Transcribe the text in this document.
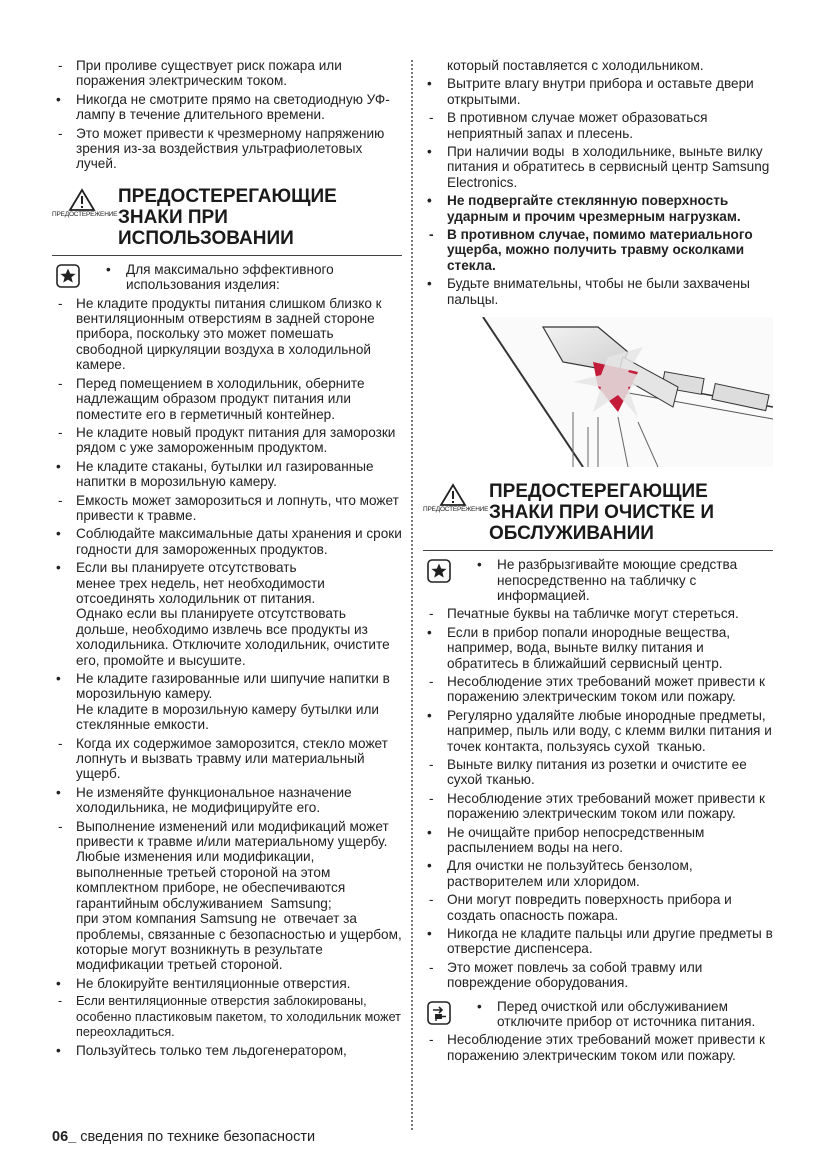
- При проливе существует риск пожара или поражения электрическим током.
•	Никогда не смотрите прямо на светодиодную УФ-лампу в течение длительного времени.
- Это может привести к чрезмерному напряжению зрения из-за воздействия ультрафиолетовых лучей.
ПРЕДОСТЕРЕЖЕНИЕ
ПРЕДОСТЕРЕГАЮЩИЕ ЗНАКИ ПРИ ИСПОЛЬЗОВАНИИ
•	Для максимально эффективного использования изделия:
- Не кладите продукты питания слишком близко к вентиляционным отверстиям в задней стороне прибора, поскольку это может помешать свободной циркуляции воздуха в холодильной камере.
- Перед помещением в холодильник, оберните надлежащим образом продукт питания или поместите его в герметичный контейнер.
- Не кладите новый продукт питания для заморозки рядом с уже замороженным продуктом.
•	Не кладите стаканы, бутылки ил газированные напитки в морозильную камеру.
- Емкость может заморозиться и лопнуть, что может привести к травме.
•	Соблюдайте максимальные даты хранения и сроки годности для замороженных продуктов.
•	Если вы планируете отсутствовать
менее трех недель, нет необходимости отсоединять холодильник от питания.
Однако если вы планируете отсутствовать дольше, необходимо извлечь все продукты из холодильника. Отключите холодильник, очистите его, промойте и высушите.
•	Не кладите газированные или шипучие напитки в морозильную камеру.
Не кладите в морозильную камеру бутылки или стеклянные емкости.
- Когда их содержимое заморозится, стекло может лопнуть и вызвать травму или материальный ущерб.
•	Не изменяйте функциональное назначение холодильника, не модифицируйте его.
- Выполнение изменений или модификаций может привести к травме и/или материальному ущербу.
Любые изменения или модификации, выполненные третьей стороной на этом комплектном приборе, не обеспечиваются гарантийным обслуживанием  Samsung;
при этом компания Samsung не  отвечает за проблемы, связанные с безопасностью и ущербом, которые могут возникнуть в результате модификации третьей стороной.
•	Не блокируйте вентиляционные отверстия.
-	Если вентиляционные отверстия заблокированы, особенно пластиковым пакетом, то холодильник может переохладиться.
•	Пользуйтесь только тем льдогенератором,
который поставляется с холодильником.
•	Вытрите влагу внутри прибора и оставьте двери открытыми.
- В противном случае может образоваться неприятный запах и плесень.
•	При наличии воды  в холодильнике, выньте вилку питания и обратитесь в сервисный центр Samsung Electronics.
•	Не подвергайте стеклянную поверхность ударным и прочим чрезмерным нагрузкам.
- В противном случае, помимо материального ущерба, можно получить травму осколками стекла.
•	Будьте внимательны, чтобы не были захвачены пальцы.
ПРЕДОСТЕРЕЖЕНИЕ
ПРЕДОСТЕРЕГАЮЩИЕ ЗНАКИ ПРИ ОЧИСТКЕ И ОБСЛУЖИВАНИИ
•	Не разбрызгивайте моющие средства непосредственно на табличку с информацией.
- Печатные буквы на табличке могут стереться.
•	Если в прибор попали инородные вещества, например, вода, выньте вилку питания и обратитесь в ближайший сервисный центр.
- Несоблюдение этих требований может привести к поражению электрическим током или пожару.
•	Регулярно удаляйте любые инородные предметы, например, пыль или воду, с клемм вилки питания и точек контакта, пользуясь сухой  тканью.
- Выньте вилку питания из розетки и очистите ее сухой тканью.
- Несоблюдение этих требований может привести к поражению электрическим током или пожару.
•	Не очищайте прибор непосредственным распылением воды на него.
•	Для очистки не пользуйтесь бензолом, растворителем или хлоридом.
- Они могут повредить поверхность прибора и создать опасность пожара.
•	Никогда не кладите пальцы или другие предметы в отверстие диспенсера.
- Это может повлечь за собой травму или повреждение оборудования.
•	Перед очисткой или обслуживанием отключите прибор от источника питания.
- Несоблюдение этих требований может привести к поражению электрическим током или пожару.
06_ сведения по технике безопасности
